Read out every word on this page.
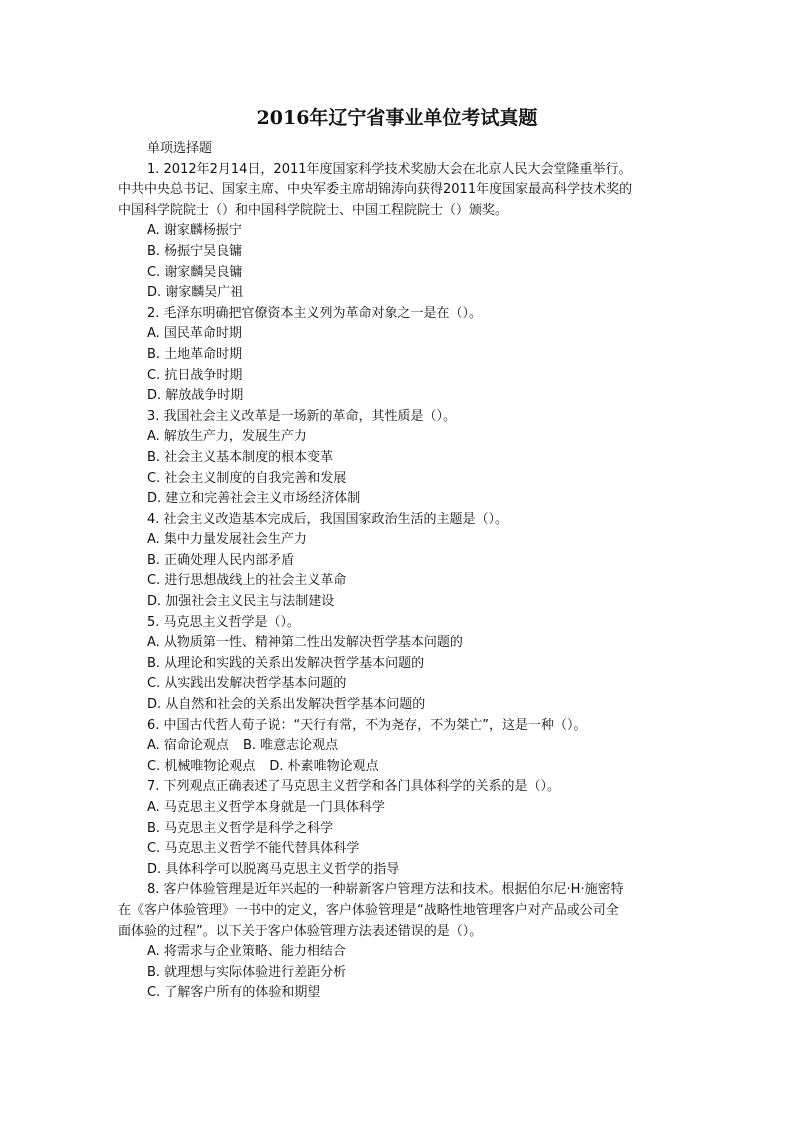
2016年辽宁省事业单位考试真题

单项选择题

1. 2012年2月14日，2011年度国家科学技术奖励大会在北京人民大会堂隆重举行。

中共中央总书记、国家主席、中央军委主席胡锦涛向获得2011年度国家最高科学技术奖的

中国科学院院士（）和中国科学院院士、中国工程院院士（）颁奖。

A. 谢家麟杨振宁

B. 杨振宁吴良镛

C. 谢家麟吴良镛

D. 谢家麟吴广祖

2. 毛泽东明确把官僚资本主义列为革命对象之一是在（）。

A. 国民革命时期

B. 土地革命时期

C. 抗日战争时期

D. 解放战争时期

3. 我国社会主义改革是一场新的革命，其性质是（）。

A. 解放生产力，发展生产力

B. 社会主义基本制度的根本变革

C. 社会主义制度的自我完善和发展

D. 建立和完善社会主义市场经济体制

4. 社会主义改造基本完成后，我国国家政治生活的主题是（）。

A. 集中力量发展社会生产力

B. 正确处理人民内部矛盾

C. 进行思想战线上的社会主义革命

D. 加强社会主义民主与法制建设

5. 马克思主义哲学是（）。

A. 从物质第一性、精神第二性出发解决哲学基本问题的

B. 从理论和实践的关系出发解决哲学基本问题的

C. 从实践出发解决哲学基本问题的

D. 从自然和社会的关系出发解决哲学基本问题的

6. 中国古代哲人荀子说：“天行有常，不为尧存，不为桀亡”，这是一种（）。

A. 宿命论观点 B. 唯意志论观点

C. 机械唯物论观点 D. 朴素唯物论观点

7. 下列观点正确表述了马克思主义哲学和各门具体科学的关系的是（）。

A. 马克思主义哲学本身就是一门具体科学

B. 马克思主义哲学是科学之科学

C. 马克思主义哲学不能代替具体科学

D. 具体科学可以脱离马克思主义哲学的指导

8. 客户体验管理是近年兴起的一种崭新客户管理方法和技术。根据伯尔尼·H·施密特

在《客户体验管理》一书中的定义，客户体验管理是“战略性地管理客户对产品或公司全

面体验的过程”。以下关于客户体验管理方法表述错误的是（）。

A. 将需求与企业策略、能力相结合

B. 就理想与实际体验进行差距分析

C. 了解客户所有的体验和期望
